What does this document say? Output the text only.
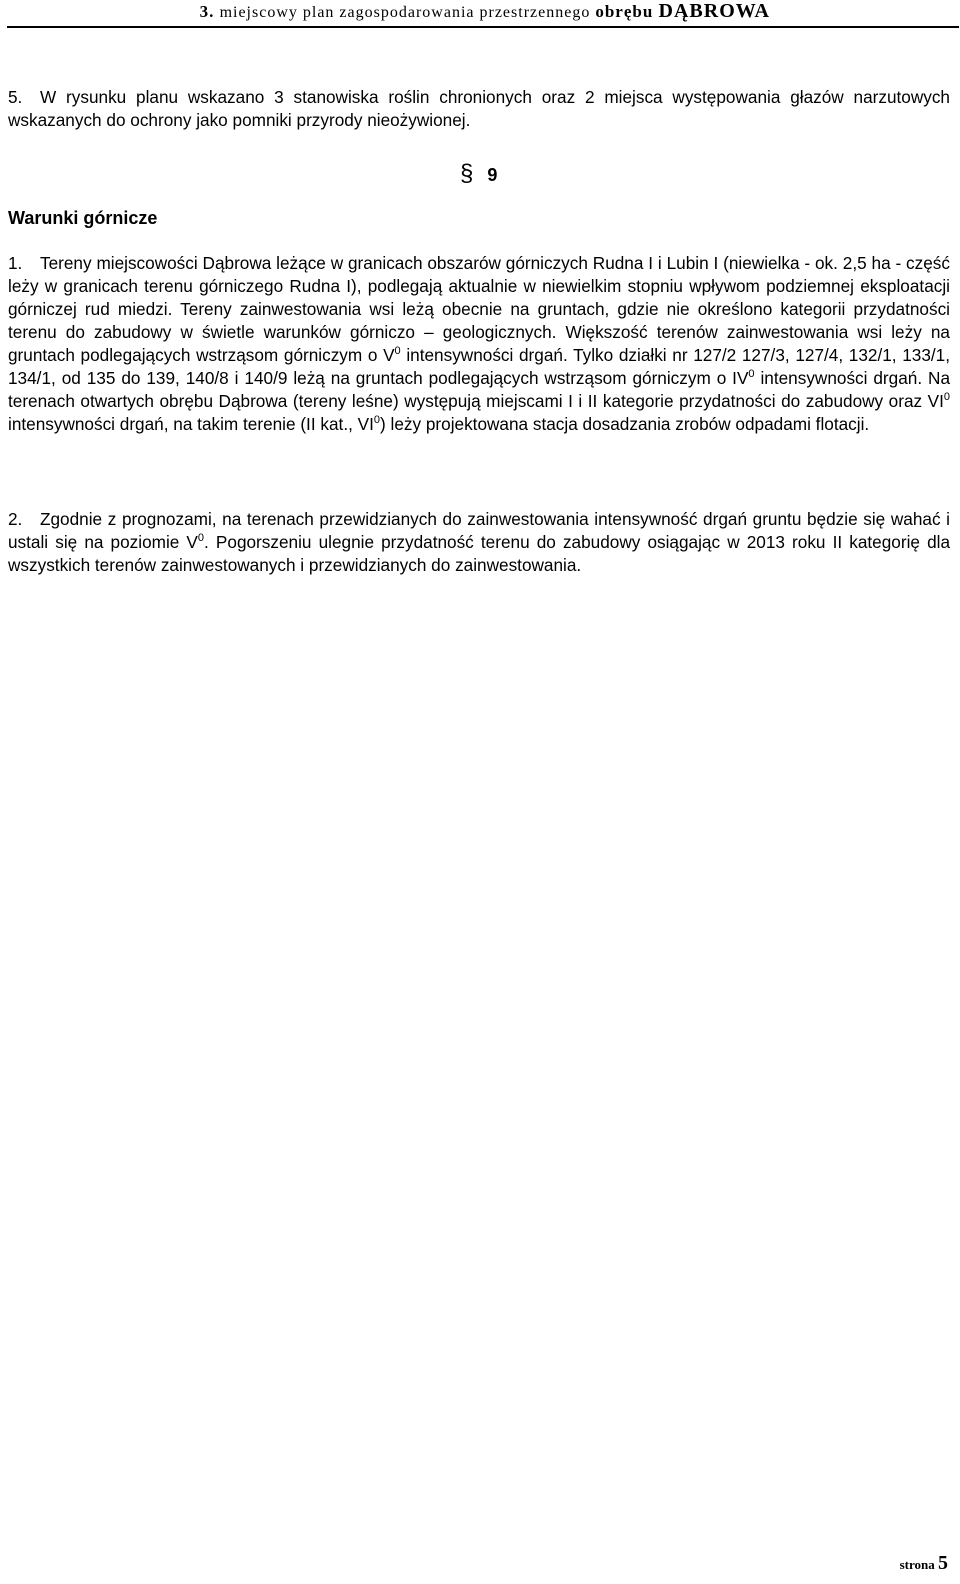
3. miejscowy plan zagospodarowania przestrzennego obrębu DĄBROWA
5. W rysunku planu wskazano 3 stanowiska roślin chronionych oraz 2 miejsca występowania głazów narzutowych wskazanych do ochrony jako pomniki przyrody nieożywionej.
§ 9
Warunki górnicze
1. Tereny miejscowości Dąbrowa leżące w granicach obszarów górniczych Rudna I i Lubin I (niewielka - ok. 2,5 ha - część leży w granicach terenu górniczego Rudna I), podlegają aktualnie w niewielkim stopniu wpływom podziemnej eksploatacji górniczej rud miedzi. Tereny zainwestowania wsi leżą obecnie na gruntach, gdzie nie określono kategorii przydatności terenu do zabudowy w świetle warunków górniczo – geologicznych. Większość terenów zainwestowania wsi leży na gruntach podlegających wstrząsom górniczym o $V^0$ intensywności drgań. Tylko działki nr 127/2 127/3, 127/4, 132/1, 133/1, 134/1, od 135 do 139, 140/8 i 140/9 leżą na gruntach podlegających wstrząsom górniczym o $IV^0$ intensywności drgań. Na terenach otwartych obrębu Dąbrowa (tereny leśne) występują miejscami I i II kategorie przydatności do zabudowy oraz $VI^0$ intensywności drgań, na takim terenie (II kat., $VI^0$) leży projektowana stacja dosadzania zrobów odpadami flotacji.
2. Zgodnie z prognozami, na terenach przewidzianych do zainwestowania intensywność drgań gruntu będzie się wahać i ustali się na poziomie $V^0$. Pogorszeniu ulegnie przydatność terenu do zabudowy osiągając w 2013 roku II kategorię dla wszystkich terenów zainwestowanych i przewidzianych do zainwestowania.
strona 5
